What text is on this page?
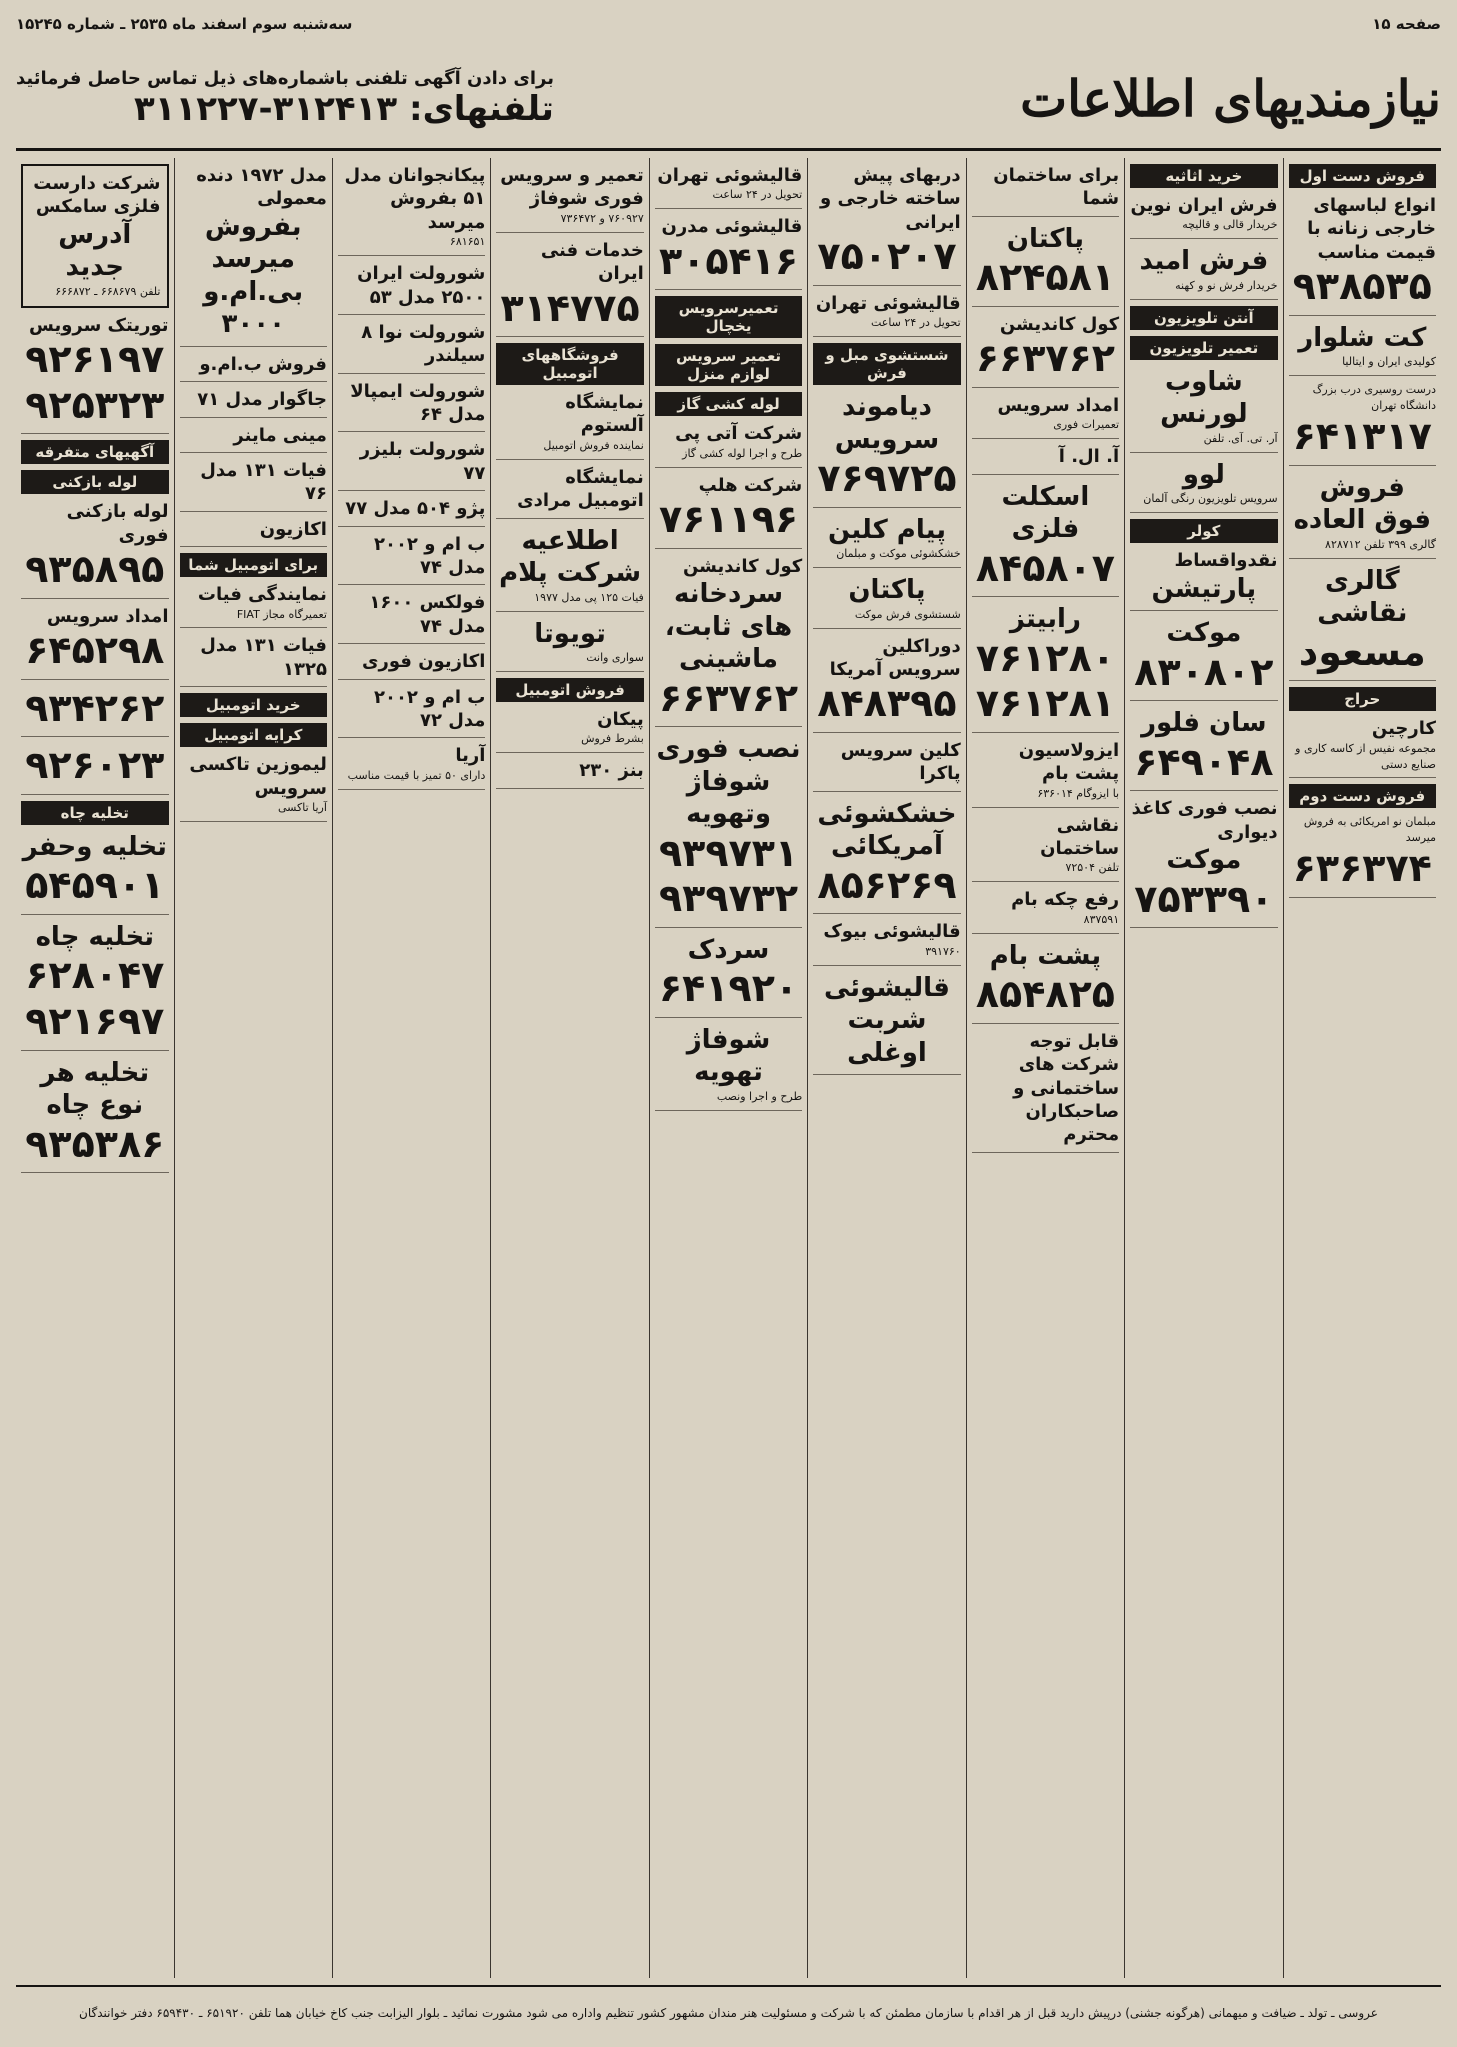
صفحه ۱۵
سه‌شنبه سوم اسفند ماه ۲۵۳۵ ـ شماره ۱۵۲۴۵
نیازمندیهای اطلاعات
برای دادن آگهی تلفنی باشماره‌های ذیل تماس حاصل فرمائید
تلفنهای: ۳۱۲۴۱۳-۳۱۱۲۲۷
فروش دست اول
انواع لباسهای خارجی زنانه با قیمت مناسب
۹۳۸۵۳۵
کت شلوار
کولیدی ایران و ایتالیا
درست روسیری درب بزرگ دانشگاه تهران
۶۴۱۳۱۷
فروش فوق العاده
گالری ۳۹۹ تلفن ۸۲۸۷۱۲
گالری نقاشی
مسعود
حراج
کارچین
مجموعه نفیس از کاسه کاری و صنایع دستی
فروش دست دوم
مبلمان نو امریکائی به فروش میرسد
۶۳۶۳۷۴
خرید اثاثیه
فرش ایران نوین
خریدار قالی و قالیچه
فرش امید
خریدار فرش نو و کهنه
آنتن تلویزیون
تعمیر تلویزیون
شاوب لورنس
آر. تی. آی. تلفن
لوو
سرویس تلویزیون رنگی آلمان
کولر
نقدواقساط
پارتیشن
موکت
۸۳۰۸۰۲
سان فلور
۶۴۹۰۴۸
نصب فوری کاغذ دیواری
موکت
۷۵۳۳۹۰
برای ساختمان شما
پاکتان
۸۲۴۵۸۱
کول کاندیشن
۶۶۳۷۶۲
امداد سرویس
تعمیرات فوری
آ. ال. آ
اسکلت فلزی
۸۴۵۸۰۷
رابیتز
۷۶۱۲۸۰ ۷۶۱۲۸۱
ایزولاسیون پشت بام
با ایزوگام ۶۳۶۰۱۴
نقاشی ساختمان
تلفن ۷۲۵۰۴
رفع چکه بام
۸۳۷۵۹۱
پشت بام
۸۵۴۸۲۵
قابل توجه شرکت های ساختمانی و صاحبکاران محترم
دربهای پیش ساخته خارجی و ایرانی
۷۵۰۲۰۷
قالیشوئی تهران
تحویل در ۲۴ ساعت
شستشوی مبل و فرش
دیاموند سرویس
۷۶۹۷۲۵
پیام کلین
خشکشوئی موکت و مبلمان
پاکتان
شستشوی فرش موکت
دوراکلین سرویس آمریکا
۸۴۸۳۹۵
کلین سرویس پاکرا
خشکشوئی آمریکائی
۸۵۶۲۶۹
قالیشوئی بیوک
۳۹۱۷۶۰
قالیشوئی شربت اوغلی
قالیشوئی تهران
تحویل در ۲۴ ساعت
قالیشوئی مدرن
۳۰۵۴۱۶
تعمیرسرویس یخچال
تعمیر سرویس لوازم منزل
لوله کشی گاز
شرکت آتی پی
طرح و اجرا لوله کشی گاز
شرکت هلپ
۷۶۱۱۹۶
کول کاندیشن
سردخانه های ثابت، ماشینی
۶۶۳۷۶۲
نصب فوری شوفاژ وتهویه
۹۳۹۷۳۱ ۹۳۹۷۳۲
سردک
۶۴۱۹۲۰
شوفاژ تهویه
طرح و اجرا ونصب
تعمیر و سرویس فوری شوفاژ
۷۶۰۹۲۷ و ۷۳۶۴۷۲
خدمات فنی ایران
۳۱۴۷۷۵
فروشگاههای اتومبیل
نمایشگاه آلستوم
نماینده فروش اتومبیل
نمایشگاه اتومبیل مرادی
اطلاعیه شرکت پلام
فیات ۱۲۵ پی مدل ۱۹۷۷
تویوتا
سواری وانت
فروش اتومبیل
پیکان
بشرط فروش
بنز ۲۳۰
پیکانجوانان مدل ۵۱ بفروش میرسد
۶۸۱۶۵۱
شورولت ایران ۲۵۰۰ مدل ۵۳
شورولت نوا ۸ سیلندر
شورولت ایمپالا مدل ۶۴
شورولت بلیزر ۷۷
پژو ۵۰۴ مدل ۷۷
ب ام و ۲۰۰۲ مدل ۷۴
فولکس ۱۶۰۰ مدل ۷۴
اکازیون فوری
ب ام و ۲۰۰۲ مدل ۷۲
آریا
دارای ۵۰ تمیز با قیمت مناسب
مدل ۱۹۷۲ دنده معمولی
بفروش میرسد بی.ام.و ۳۰۰۰
فروش ب.ام.و
جاگوار مدل ۷۱
مینی ماینر
فیات ۱۳۱ مدل ۷۶
اکازیون
برای اتومبیل شما
نمایندگی فیات
تعمیرگاه مجاز FIAT
فیات ۱۳۱ مدل ۱۳۲۵
خرید اتومبیل
کرایه اتومبیل
لیموزین تاکسی سرویس
آریا تاکسی
شرکت دارست فلزی سامکس
آدرس جدید
تلفن ۶۶۸۶۷۹ ـ ۶۶۶۸۷۲
توریتک سرویس
۹۲۶۱۹۷ ۹۲۵۳۲۳
آگهیهای متفرقه
لوله بازکنی
لوله بازکنی فوری
۹۳۵۸۹۵
امداد سرویس
۶۴۵۲۹۸
۹۳۴۲۶۲
۹۲۶۰۲۳
تخلیه چاه
تخلیه وحفر
۵۴۵۹۰۱
تخلیه چاه
۶۲۸۰۴۷ ۹۲۱۶۹۷
تخلیه هر نوع چاه
۹۳۵۳۸۶
عروسی ـ تولد ـ ضیافت و میهمانی (هرگونه جشنی) درپیش دارید قبل از هر اقدام با سازمان مطمئن که با شرکت و مسئولیت هنر مندان مشهور کشور تنظیم واداره می شود مشورت نمائید ـ بلوار الیزابت جنب کاخ خیابان هما تلفن ۶۵۱۹۲۰ ـ ۶۵۹۴۳۰ دفتر خوانندگان
